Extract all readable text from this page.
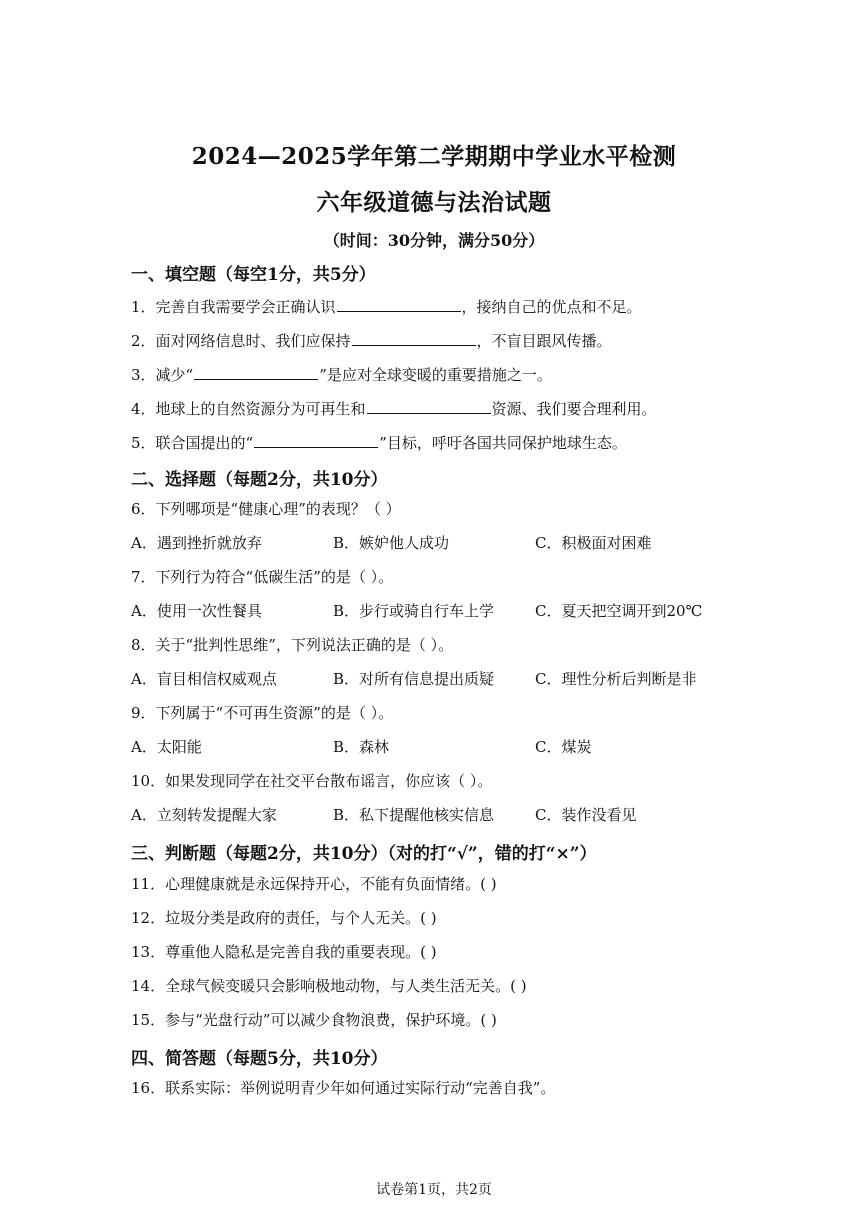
2024—2025学年第二学期期中学业水平检测
六年级道德与法治试题
（时间：30分钟，满分50分）
一、填空题（每空1分，共5分）
1．完善自我需要学会正确认识	，接纳自己的优点和不足。
2．面对网络信息时、我们应保持	，不盲目跟风传播。
3．减少“	”是应对全球变暖的重要措施之一。
4．地球上的自然资源分为可再生和	资源、我们要合理利用。
5．联合国提出的“	”目标，呼吁各国共同保护地球生态。
二、选择题（每题2分，共10分）
6．下列哪项是“健康心理”的表现？（ ）
A．遇到挫折就放弃	B．嫉妒他人成功	C．积极面对困难
7．下列行为符合“低碳生活”的是（ ）。
A．使用一次性餐具	B．步行或骑自行车上学	C．夏天把空调开到20℃
8．关于“批判性思维”，下列说法正确的是（ ）。
A．盲目相信权威观点	B．对所有信息提出质疑	C．理性分析后判断是非
9．下列属于“不可再生资源”的是（ ）。
A．太阳能	B．森林	C．煤炭
10．如果发现同学在社交平台散布谣言，你应该（ ）。
A．立刻转发提醒大家	B．私下提醒他核实信息	C．装作没看见
三、判断题（每题2分，共10分）（对的打“√”，错的打“×”）
11．心理健康就是永远保持开心，不能有负面情绪。( )
12．垃圾分类是政府的责任，与个人无关。( )
13．尊重他人隐私是完善自我的重要表现。( )
14．全球气候变暖只会影响极地动物，与人类生活无关。( )
15．参与“光盘行动”可以减少食物浪费，保护环境。( )
四、简答题（每题5分，共10分）
16．联系实际：举例说明青少年如何通过实际行动“完善自我”。
试卷第1页，共2页
